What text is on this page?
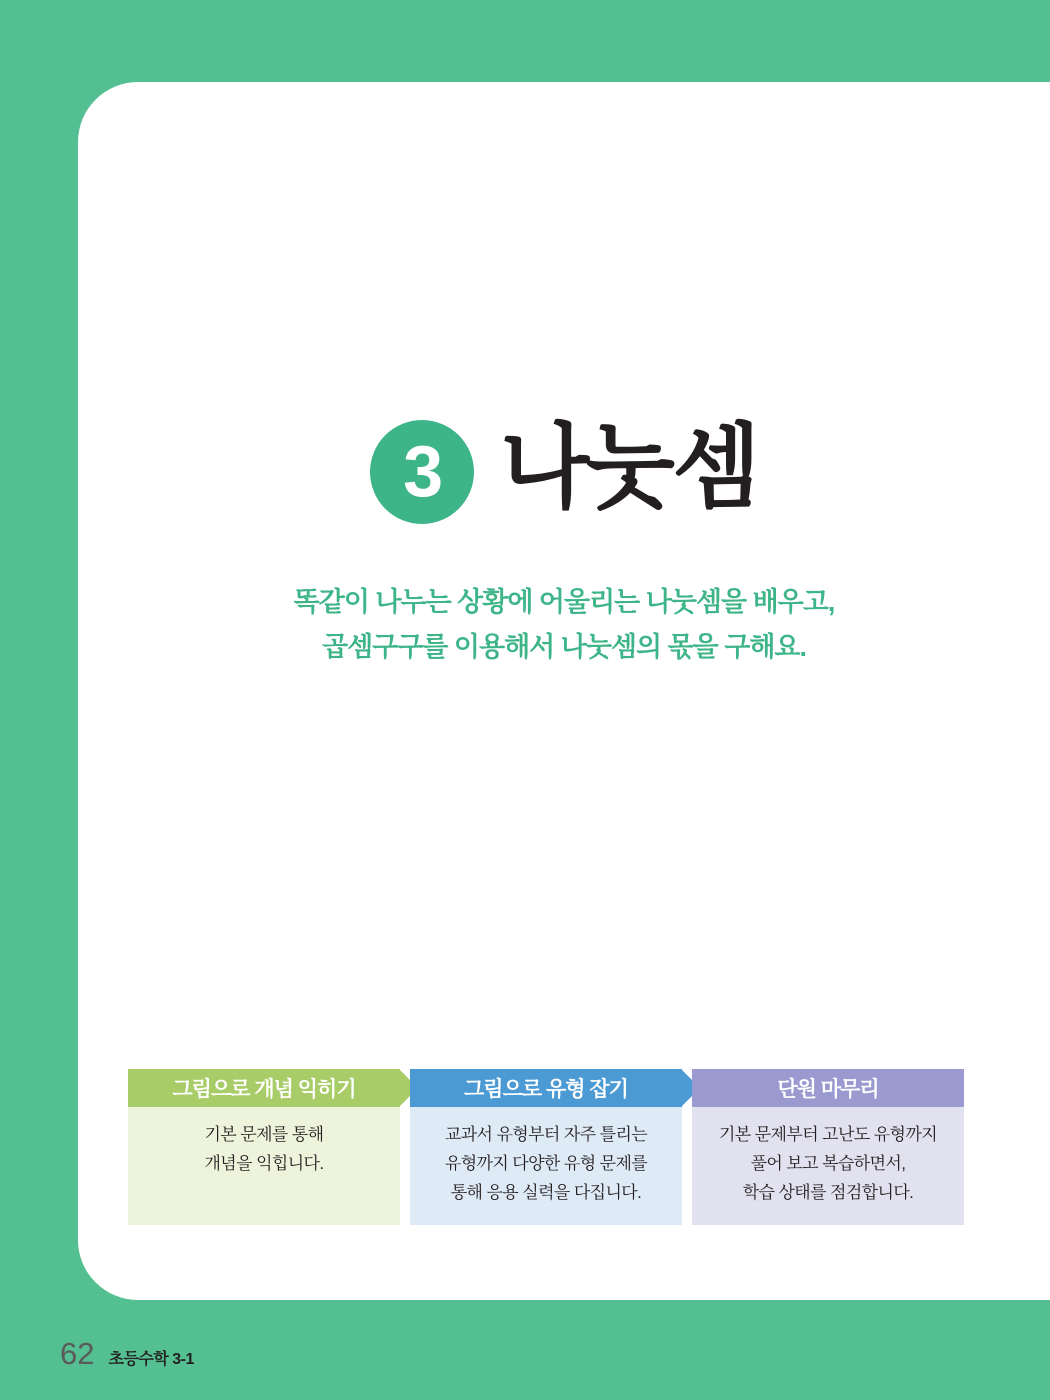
3 나눗셈
똑같이 나누는 상황에 어울리는 나눗셈을 배우고,
곱셈구구를 이용해서 나눗셈의 몫을 구해요.
그림으로 개념 익히기
기본 문제를 통해
개념을 익힙니다.
그림으로 유형 잡기
교과서 유형부터 자주 틀리는
유형까지 다양한 유형 문제를
통해 응용 실력을 다집니다.
단원 마무리
기본 문제부터 고난도 유형까지
풀어 보고 복습하면서,
학습 상태를 점검합니다.
62 초등수학 3-1
